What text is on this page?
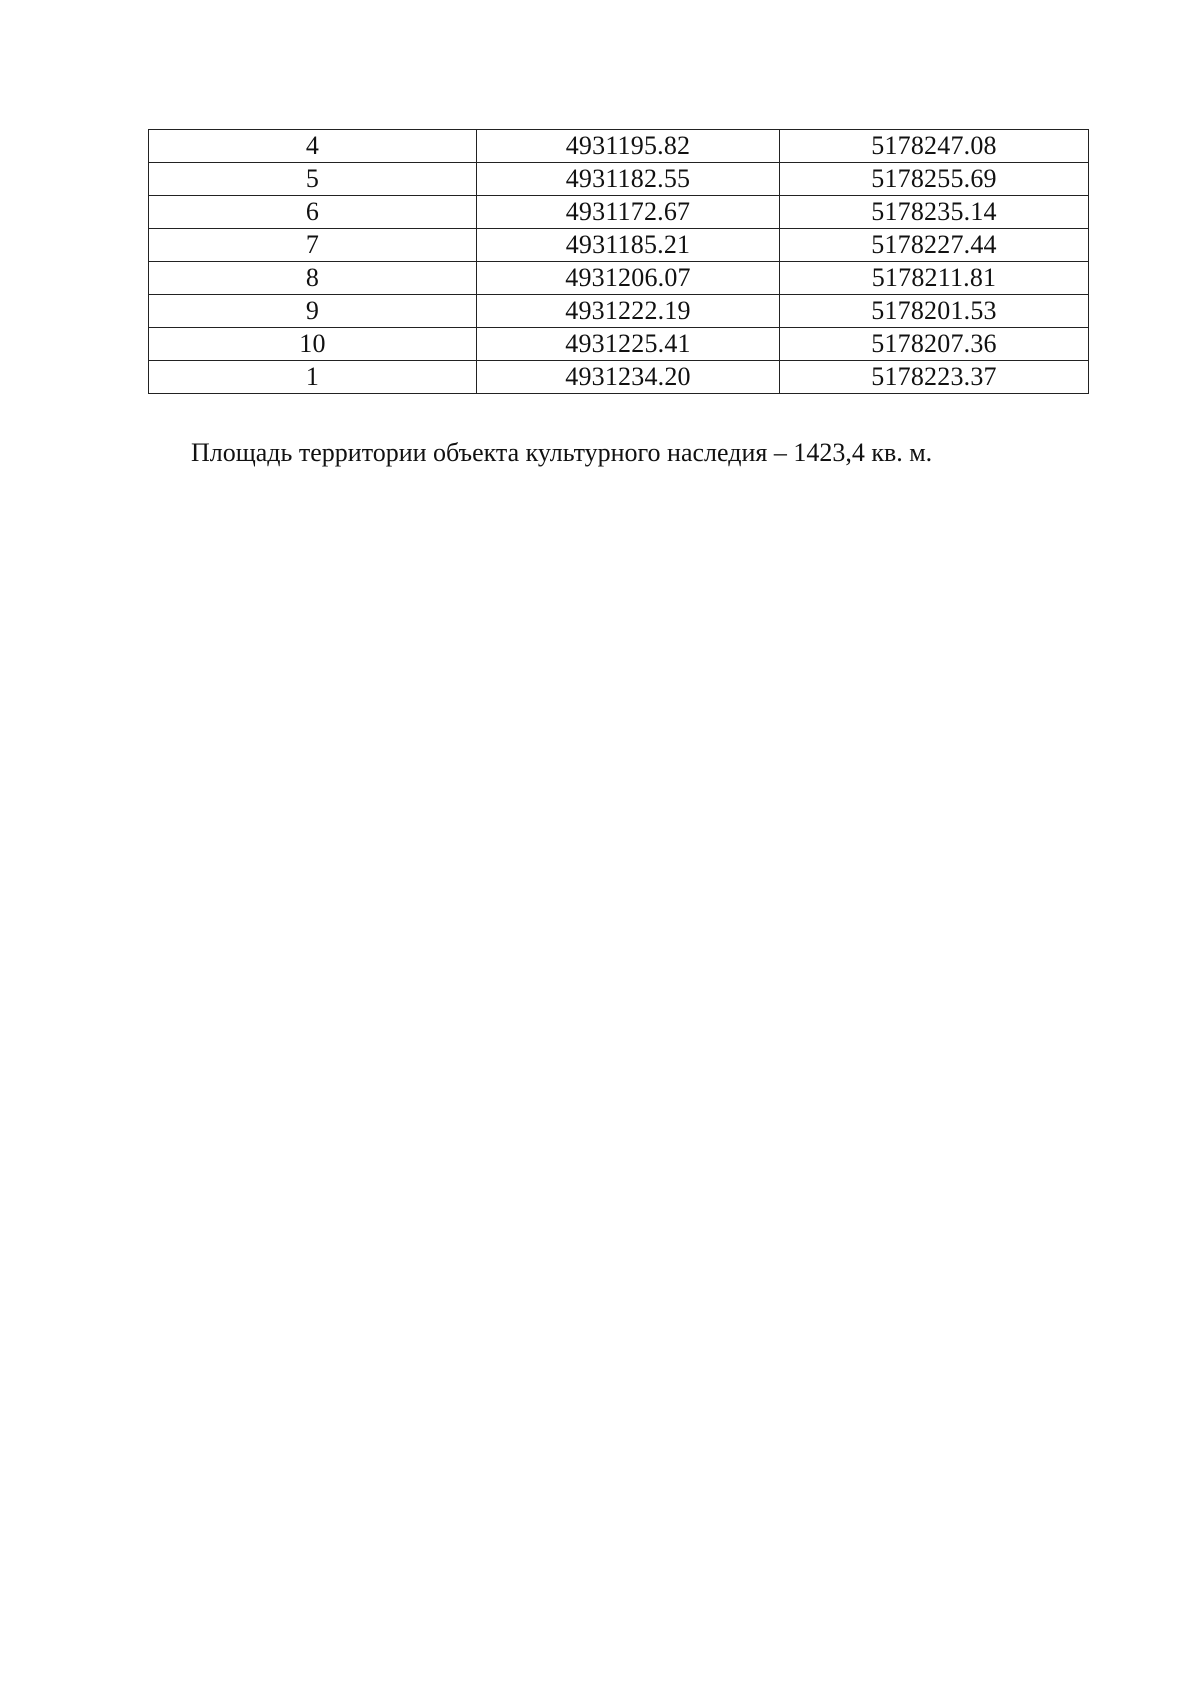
4	4931195.82	5178247.08
5	4931182.55	5178255.69
6	4931172.67	5178235.14
7	4931185.21	5178227.44
8	4931206.07	5178211.81
9	4931222.19	5178201.53
10	4931225.41	5178207.36
1	4931234.20	5178223.37

Площадь территории объекта культурного наследия – 1423,4 кв. м.
